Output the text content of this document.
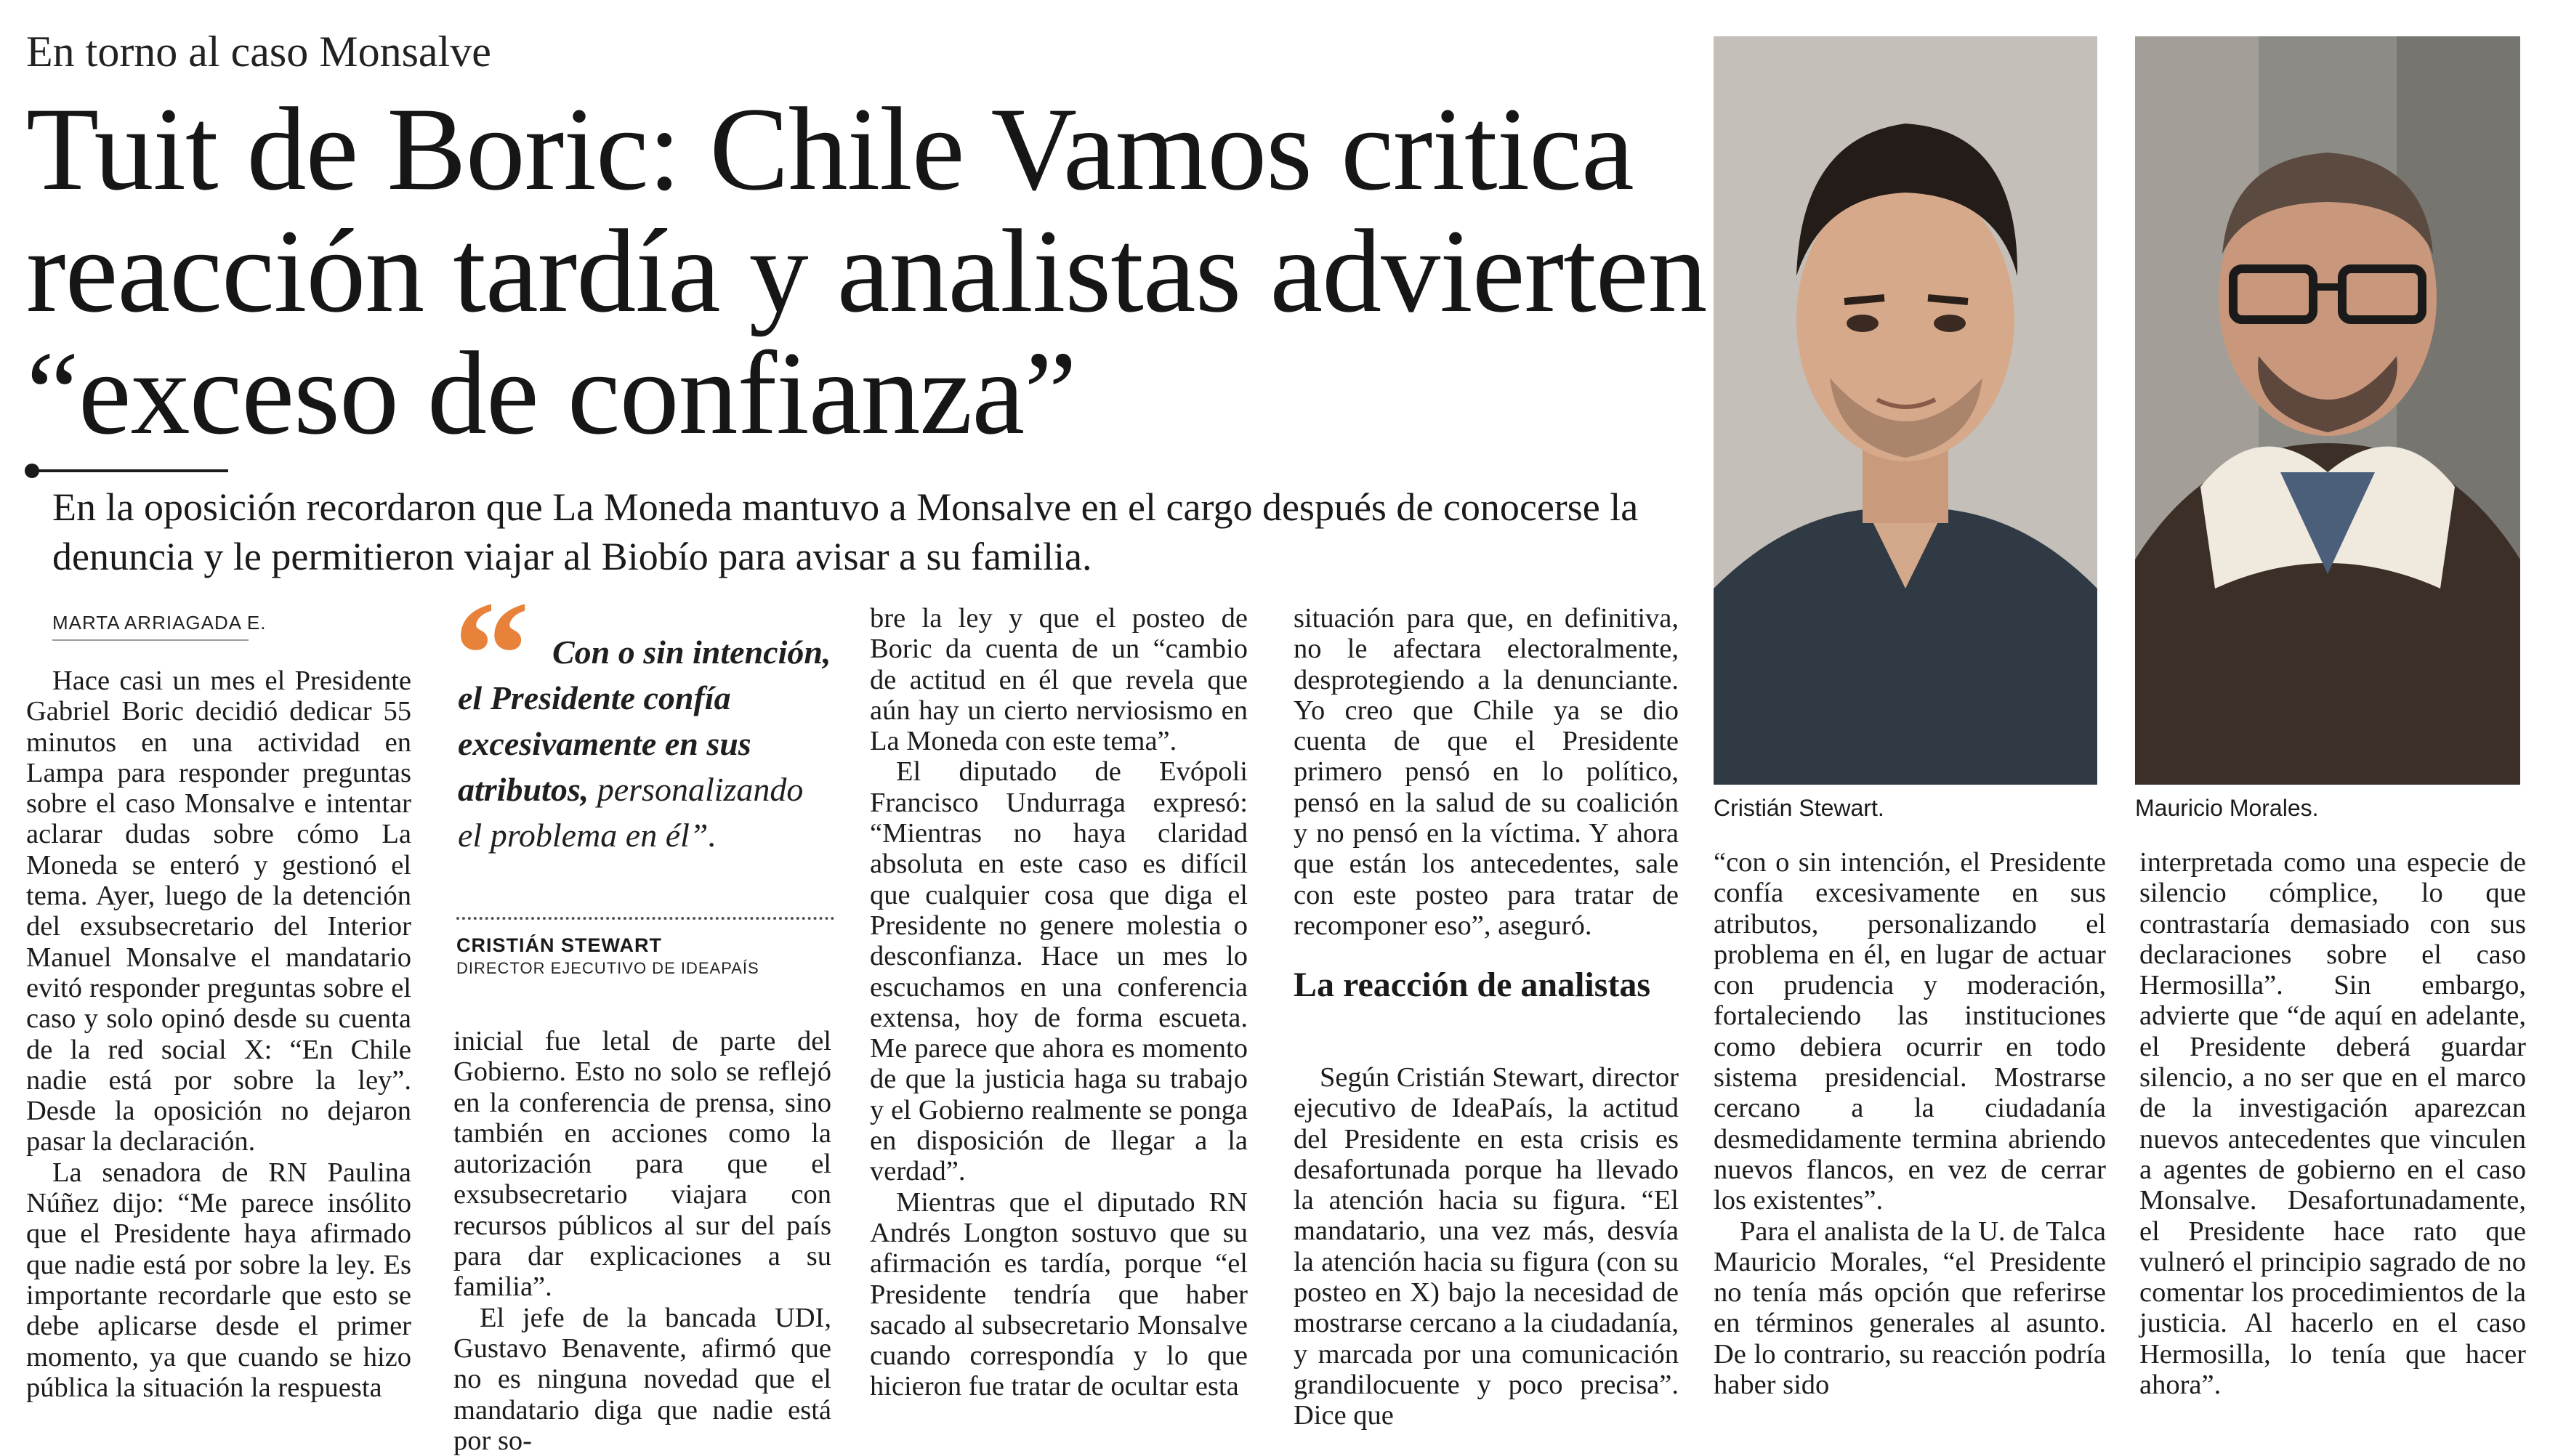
En torno al caso Monsalve
Tuit de Boric: Chile Vamos critica
reacción tardía y analistas advierten
“exceso de confianza”
En la oposición recordaron que La Moneda mantuvo a Monsalve en el cargo después de conocerse la denuncia y le permitieron viajar al Biobío para avisar a su familia.
MARTA ARRIAGADA E.

Hace casi un mes el Presidente Gabriel Boric decidió dedicar 55 minutos en una actividad en Lampa para responder preguntas sobre el caso Monsalve e intentar aclarar dudas sobre cómo La Moneda se enteró y gestionó el tema. Ayer, luego de la detención del exsubsecretario del Interior Manuel Monsalve el mandatario evitó responder preguntas sobre el caso y solo opinó desde su cuenta de la red social X: “En Chile nadie está por sobre la ley”. Desde la oposición no dejaron pasar la declaración.

La senadora de RN Paulina Núñez dijo: “Me parece insólito que el Presidente haya afirmado que nadie está por sobre la ley. Es importante recordarle que esto se debe aplicarse desde el primer momento, ya que cuando se hizo pública la situación la respuesta

“ Con o sin intención, el Presidente confía excesivamente en sus atributos, personalizando el problema en él”.
CRISTIÁN STEWART
DIRECTOR EJECUTIVO DE IDEAPAÍS

inicial fue letal de parte del Gobierno. Esto no solo se reflejó en la conferencia de prensa, sino también en acciones como la autorización para que el exsubsecretario viajara con recursos públicos al sur del país para dar explicaciones a su familia”.

El jefe de la bancada UDI, Gustavo Benavente, afirmó que no es ninguna novedad que el mandatario diga que nadie está por so-

bre la ley y que el posteo de Boric da cuenta de un “cambio de actitud en él que revela que aún hay un cierto nerviosismo en La Moneda con este tema”.

El diputado de Evópoli Francisco Undurraga expresó: “Mientras no haya claridad absoluta en este caso es difícil que cualquier cosa que diga el Presidente no genere molestia o desconfianza. Hace un mes lo escuchamos en una conferencia extensa, hoy de forma escueta. Me parece que ahora es momento de que la justicia haga su trabajo y el Gobierno realmente se ponga en disposición de llegar a la verdad”.

Mientras que el diputado RN Andrés Longton sostuvo que su afirmación es tardía, porque “el Presidente tendría que haber sacado al subsecretario Monsalve cuando correspondía y lo que hicieron fue tratar de ocultar esta

situación para que, en definitiva, no le afectara electoralmente, desprotegiendo a la denunciante. Yo creo que Chile ya se dio cuenta de que el Presidente primero pensó en lo político, pensó en la salud de su coalición y no pensó en la víctima. Y ahora que están los antecedentes, sale con este posteo para tratar de recomponer eso”, aseguró.

La reacción de analistas

Según Cristián Stewart, director ejecutivo de IdeaPaís, la actitud del Presidente en esta crisis es desafortunada porque ha llevado la atención hacia su figura. “El mandatario, una vez más, desvía la atención hacia su figura (con su posteo en X) bajo la necesidad de mostrarse cercano a la ciudadanía, y marcada por una comunicación grandilocuente y poco precisa”. Dice que

Cristián Stewart.	Mauricio Morales.

“con o sin intención, el Presidente confía excesivamente en sus atributos, personalizando el problema en él, en lugar de actuar con prudencia y moderación, fortaleciendo las instituciones como debiera ocurrir en todo sistema presidencial. Mostrarse cercano a la ciudadanía desmedidamente termina abriendo nuevos flancos, en vez de cerrar los existentes”.

Para el analista de la U. de Talca Mauricio Morales, “el Presidente no tenía más opción que referirse en términos generales al asunto. De lo contrario, su reacción podría haber sido

interpretada como una especie de silencio cómplice, lo que contrastaría demasiado con sus declaraciones sobre el caso Hermosilla”. Sin embargo, advierte que “de aquí en adelante, el Presidente deberá guardar silencio, a no ser que en el marco de la investigación aparezcan nuevos antecedentes que vinculen a agentes de gobierno en el caso Monsalve. Desafortunadamente, el Presidente hace rato que vulneró el principio sagrado de no comentar los procedimientos de la justicia. Al hacerlo en el caso Hermosilla, lo tenía que hacer ahora”.
